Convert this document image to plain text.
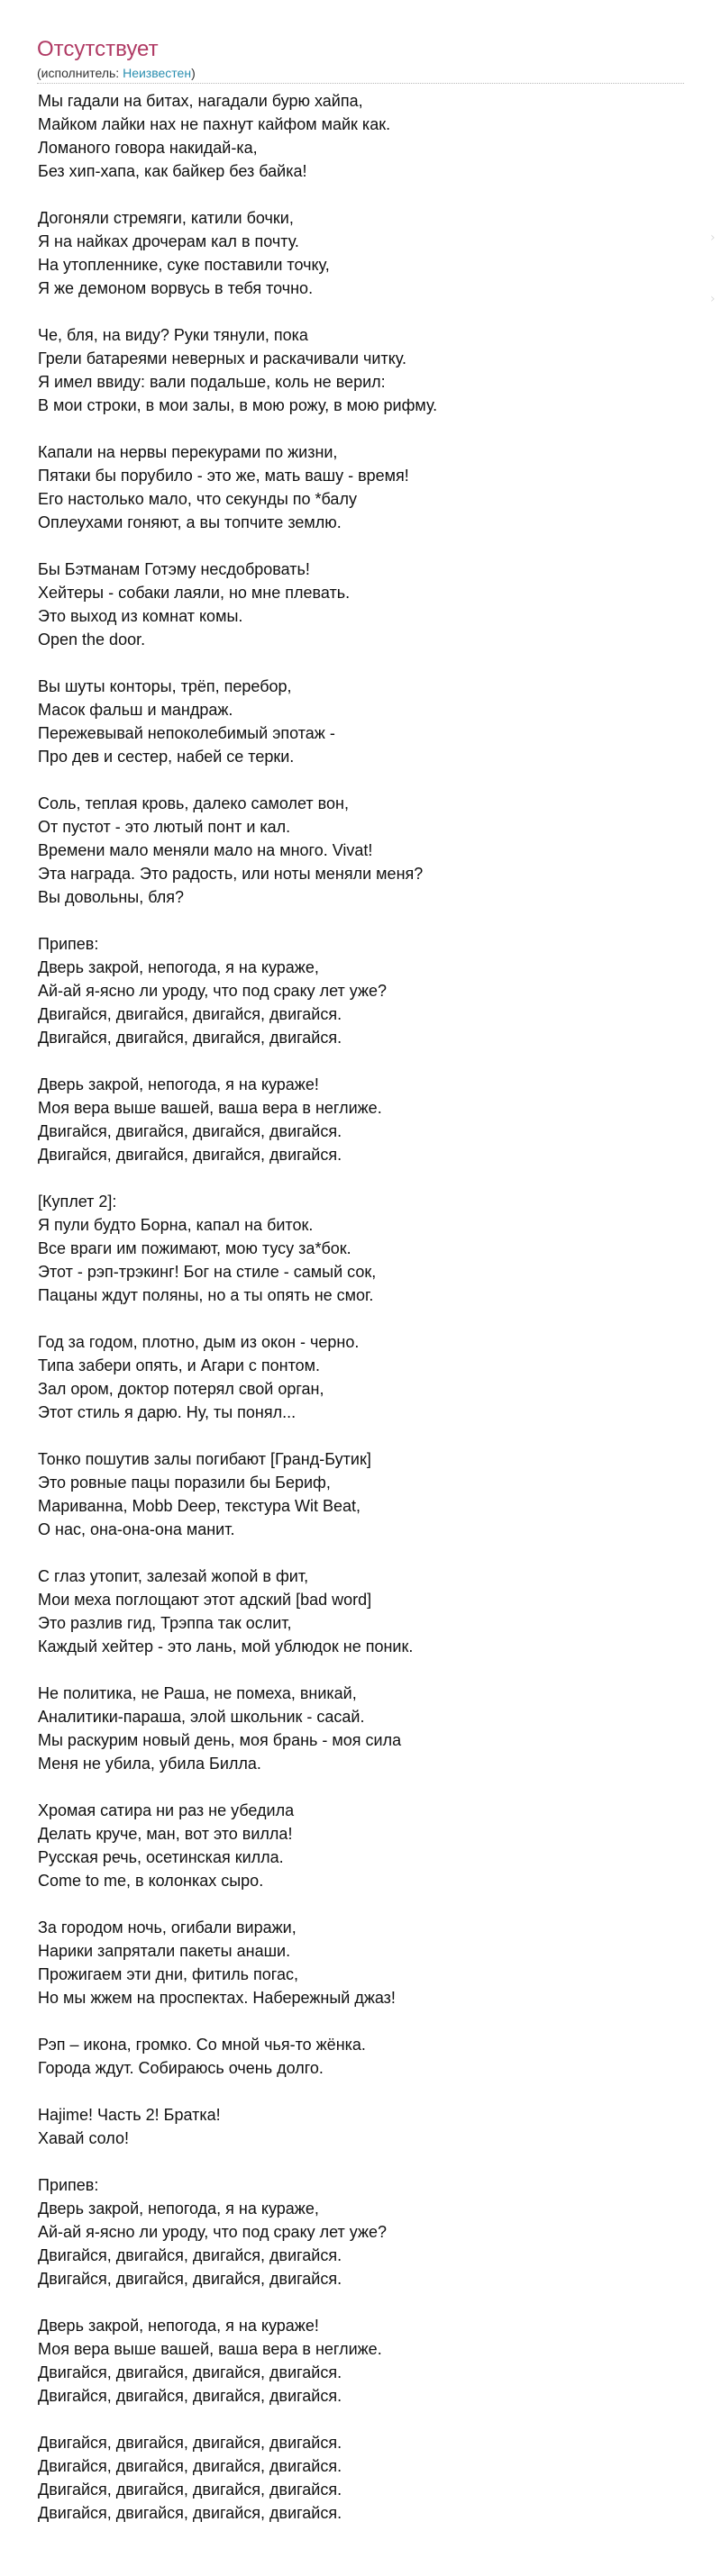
Отсутствует
(исполнитель: Неизвестен)
Мы гадали на битах, нагадали бурю хайпа,
Майком лайки нах не пахнут кайфом майк как.
Ломаного говора накидай-ка,
Без хип-хапа, как байкер без байка!
Догоняли стремяги, катили бочки,
Я на найках дрочерам кал в почту.
На утопленнике, суке поставили точку,
Я же демоном ворвусь в тебя точно.
Че, бля, на виду? Руки тянули, пока
Грели батареями неверных и раскачивали читку.
Я имел ввиду: вали подальше, коль не верил:
В мои строки, в мои залы, в мою рожу, в мою рифму.
Капали на нервы перекурами по жизни,
Пятаки бы порубило - это же, мать вашу - время!
Его настолько мало, что секунды по *балу
Оплеухами гоняют, а вы топчите землю.
Бы Бэтманам Готэму несдобровать!
Хейтеры - собаки лаяли, но мне плевать.
Это выход из комнат комы.
Open the door.
Вы шуты конторы, трёп, перебор,
Масок фальш и мандраж.
Пережевывай непоколебимый эпотаж -
Про дев и сестер, набей се терки.
Соль, теплая кровь, далеко самолет вон,
От пустот - это лютый понт и кал.
Времени мало меняли мало на много. Vivat!
Эта награда. Это радость, или ноты меняли меня?
Вы довольны, бля?
Припев:
Дверь закрой, непогода, я на кураже,
Ай-ай я-ясно ли уроду, что под сраку лет уже?
Двигайся, двигайся, двигайся, двигайся.
Двигайся, двигайся, двигайся, двигайся.
Дверь закрой, непогода, я на кураже!
Моя вера выше вашей, ваша вера в неглиже.
Двигайся, двигайся, двигайся, двигайся.
Двигайся, двигайся, двигайся, двигайся.
[Куплет 2]:
Я пули будто Борна, капал на биток.
Все враги им пожимают, мою тусу за*бок.
Этот - рэп-трэкинг! Бог на стиле - самый сок,
Пацаны ждут поляны, но а ты опять не смог.
Год за годом, плотно, дым из окон - черно.
Типа забери опять, и Агари с понтом.
Зал ором, доктор потерял свой орган,
Этот стиль я дарю. Ну, ты понял...
Тонко пошутив залы погибают [Гранд-Бутик]
Это ровные пацы поразили бы Бериф,
Мариванна, Mobb Deep, текстура Wit Beat,
О нас, она-она-она манит.
С глаз утопит, залезай жопой в фит,
Мои меха поглощают этот адский [bad word]
Это разлив гид, Трэппа так ослит,
Каждый хейтер - это лань, мой ублюдок не поник.
Не политика, не Раша, не помеха, вникай,
Аналитики-параша, элой школьник - сасай.
Мы раскурим новый день, моя брань - моя сила
Меня не убила, убила Билла.
Хромая сатира ни раз не убедила
Делать круче, ман, вот это вилла!
Русская речь, осетинская килла.
Come to me, в колонках сыро.
За городом ночь, огибали виражи,
Нарики запрятали пакеты анаши.
Прожигаем эти дни, фитиль погас,
Но мы жжем на проспектах. Набережный джаз!
Рэп – икона, громко. Со мной чья-то жёнка.
Города ждут. Собираюсь очень долго.
Hajime! Часть 2! Братка!
Хавай соло!
Припев:
Дверь закрой, непогода, я на кураже,
Ай-ай я-ясно ли уроду, что под сраку лет уже?
Двигайся, двигайся, двигайся, двигайся.
Двигайся, двигайся, двигайся, двигайся.
Дверь закрой, непогода, я на кураже!
Моя вера выше вашей, ваша вера в неглиже.
Двигайся, двигайся, двигайся, двигайся.
Двигайся, двигайся, двигайся, двигайся.
Двигайся, двигайся, двигайся, двигайся.
Двигайся, двигайся, двигайся, двигайся.
Двигайся, двигайся, двигайся, двигайся.
Двигайся, двигайся, двигайся, двигайся.
›
›
